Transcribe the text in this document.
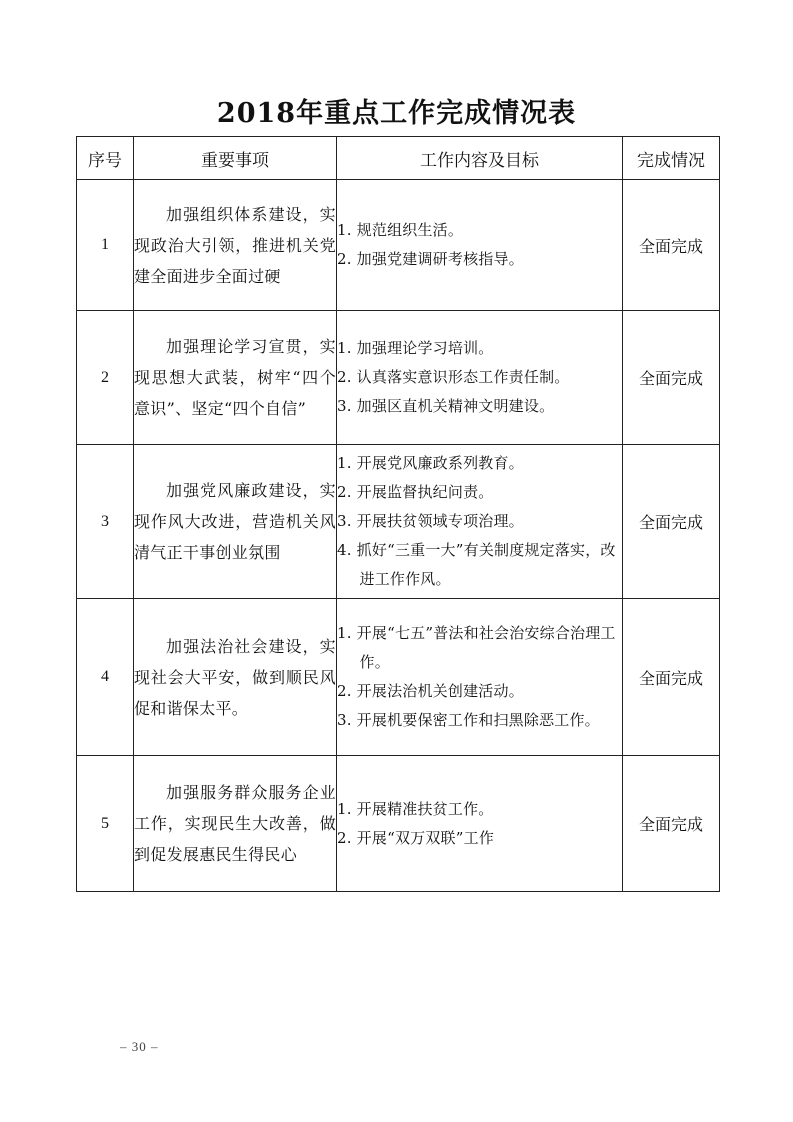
2018年重点工作完成情况表
序号	重要事项	工作内容及目标	完成情况
1	加强组织体系建设，实现政治大引领，推进机关党建全面进步全面过硬	1. 规范组织生活。
2. 加强党建调研考核指导。	全面完成
2	加强理论学习宣贯，实现思想大武装，树牢“四个意识”、坚定“四个自信”	1. 加强理论学习培训。
2. 认真落实意识形态工作责任制。
3. 加强区直机关精神文明建设。	全面完成
3	加强党风廉政建设，实现作风大改进，营造机关风清气正干事创业氛围	1. 开展党风廉政系列教育。
2. 开展监督执纪问责。
3. 开展扶贫领域专项治理。
4. 抓好“三重一大”有关制度规定落实，改进工作作风。	全面完成
4	加强法治社会建设，实现社会大平安，做到顺民风促和谐保太平。	1. 开展“七五”普法和社会治安综合治理工作。
2. 开展法治机关创建活动。
3. 开展机要保密工作和扫黑除恶工作。	全面完成
5	加强服务群众服务企业工作，实现民生大改善，做到促发展惠民生得民心	1. 开展精准扶贫工作。
2. 开展“双万双联”工作	全面完成
– 30 –
